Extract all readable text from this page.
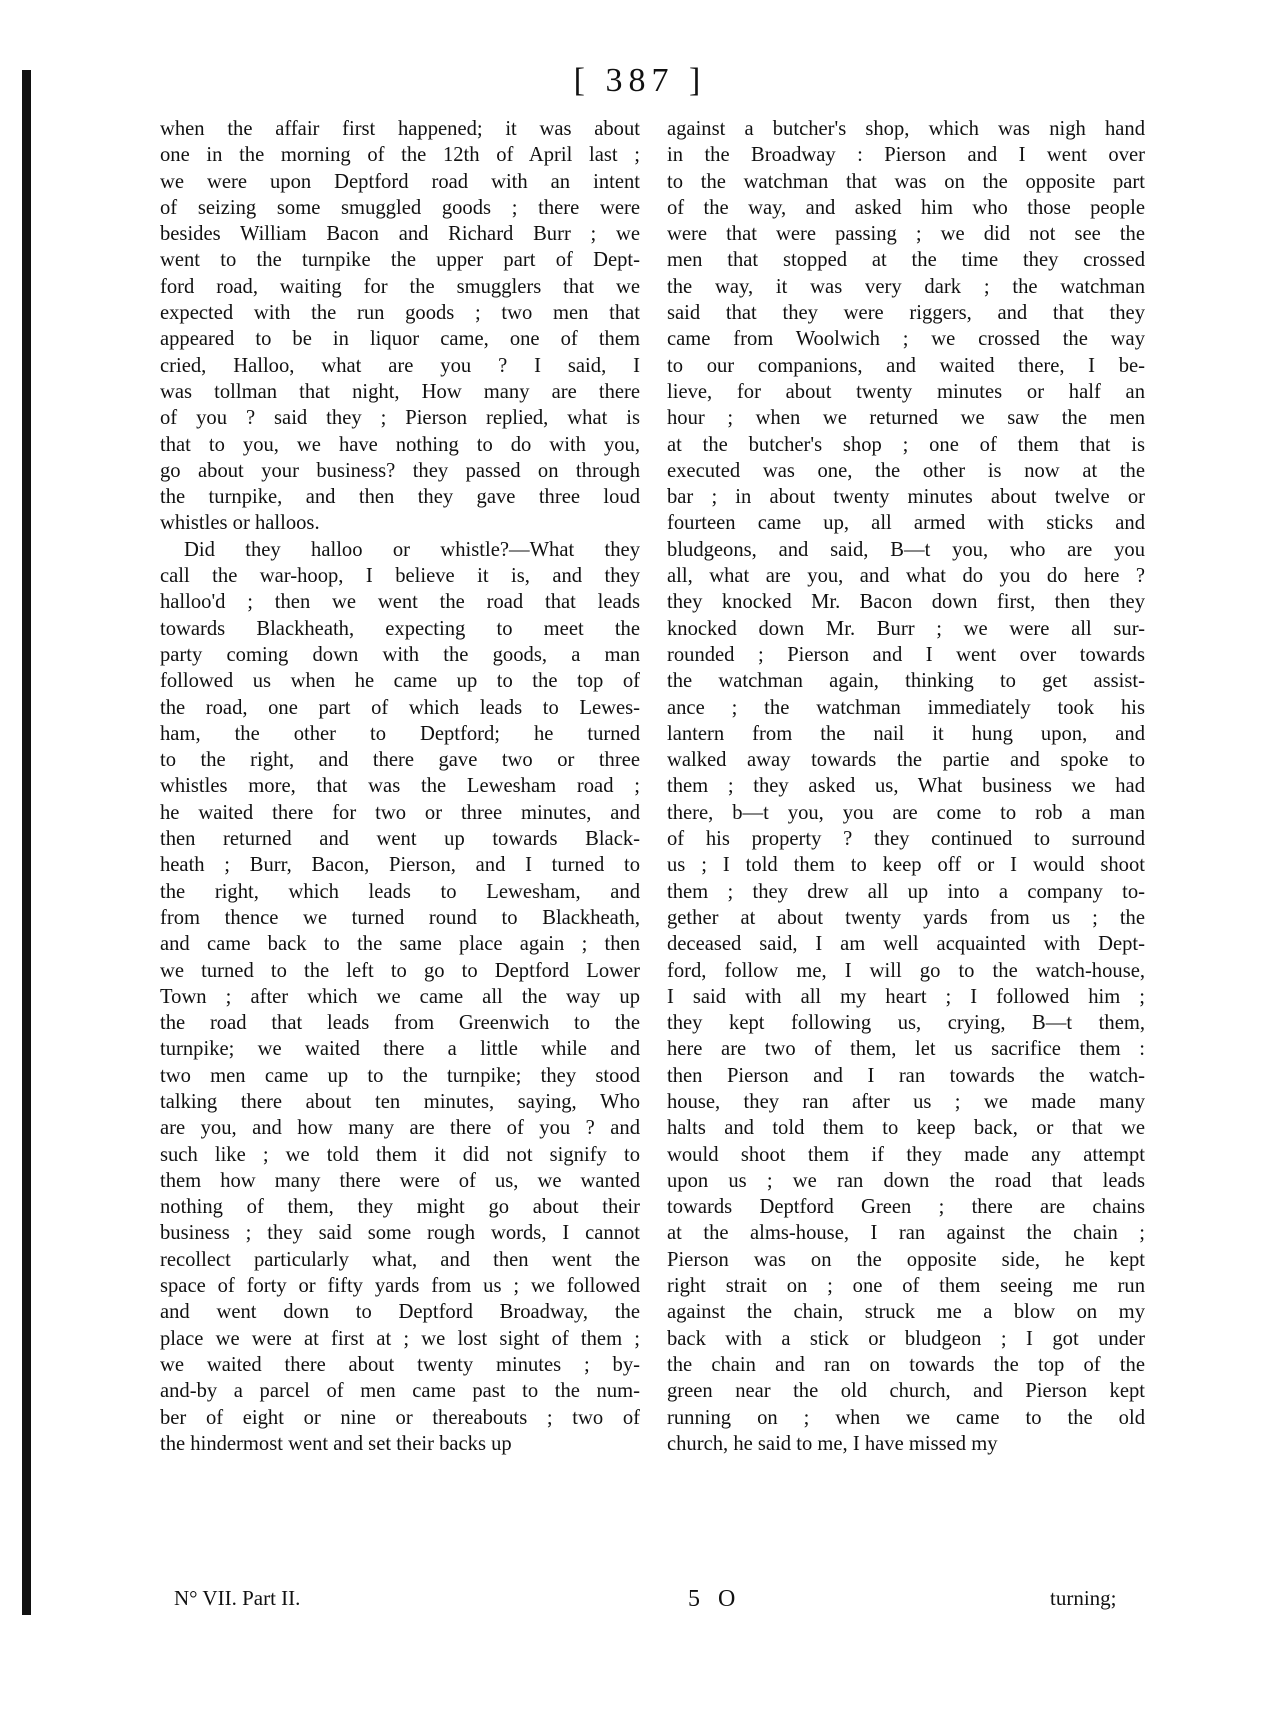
[ 387 ]
when the affair first happened; it was about
one in the morning of the 12th of April last ;
we were upon Deptford road with an intent
of seizing some smuggled goods ; there were
besides William Bacon and Richard Burr ; we
went to the turnpike the upper part of Dept-
ford road, waiting for the smugglers that we
expected with the run goods ; two men that
appeared to be in liquor came, one of them
cried, Halloo, what are you ? I said, I
was tollman that night, How many are there
of you ? said they ; Pierson replied, what is
that to you, we have nothing to do with you,
go about your business? they passed on through
the turnpike, and then they gave three loud
whistles or halloos.
Did they halloo or whistle?—What they
call the war-hoop, I believe it is, and they
halloo'd ; then we went the road that leads
towards Blackheath, expecting to meet the
party coming down with the goods, a man
followed us when he came up to the top of
the road, one part of which leads to Lewes-
ham, the other to Deptford; he turned
to the right, and there gave two or three
whistles more, that was the Lewesham road ;
he waited there for two or three minutes, and
then returned and went up towards Black-
heath ; Burr, Bacon, Pierson, and I turned to
the right, which leads to Lewesham, and
from thence we turned round to Blackheath,
and came back to the same place again ; then
we turned to the left to go to Deptford Lower
Town ; after which we came all the way up
the road that leads from Greenwich to the
turnpike; we waited there a little while and
two men came up to the turnpike; they stood
talking there about ten minutes, saying, Who
are you, and how many are there of you ? and
such like ; we told them it did not signify to
them how many there were of us, we wanted
nothing of them, they might go about their
business ; they said some rough words, I cannot
recollect particularly what, and then went the
space of forty or fifty yards from us ; we followed
and went down to Deptford Broadway, the
place we were at first at ; we lost sight of them ;
we waited there about twenty minutes ; by-
and-by a parcel of men came past to the num-
ber of eight or nine or thereabouts ; two of
the hindermost went and set their backs up
against a butcher's shop, which was nigh hand
in the Broadway : Pierson and I went over
to the watchman that was on the opposite part
of the way, and asked him who those people
were that were passing ; we did not see the
men that stopped at the time they crossed
the way, it was very dark ; the watchman
said that they were riggers, and that they
came from Woolwich ; we crossed the way
to our companions, and waited there, I be-
lieve, for about twenty minutes or half an
hour ; when we returned we saw the men
at the butcher's shop ; one of them that is
executed was one, the other is now at the
bar ; in about twenty minutes about twelve or
fourteen came up, all armed with sticks and
bludgeons, and said, B—t you, who are you
all, what are you, and what do you do here ?
they knocked Mr. Bacon down first, then they
knocked down Mr. Burr ; we were all sur-
rounded ; Pierson and I went over towards
the watchman again, thinking to get assist-
ance ; the watchman immediately took his
lantern from the nail it hung upon, and
walked away towards the partie and spoke to
them ; they asked us, What business we had
there, b—t you, you are come to rob a man
of his property ? they continued to surround
us ; I told them to keep off or I would shoot
them ; they drew all up into a company to-
gether at about twenty yards from us ; the
deceased said, I am well acquainted with Dept-
ford, follow me, I will go to the watch-house,
I said with all my heart ; I followed him ;
they kept following us, crying, B—t them,
here are two of them, let us sacrifice them :
then Pierson and I ran towards the watch-
house, they ran after us ; we made many
halts and told them to keep back, or that we
would shoot them if they made any attempt
upon us ; we ran down the road that leads
towards Deptford Green ; there are chains
at the alms-house, I ran against the chain ;
Pierson was on the opposite side, he kept
right strait on ; one of them seeing me run
against the chain, struck me a blow on my
back with a stick or bludgeon ; I got under
the chain and ran on towards the top of the
green near the old church, and Pierson kept
running on ; when we came to the old
church, he said to me, I have missed my
N° VII. Part II.	5 O	turning;
